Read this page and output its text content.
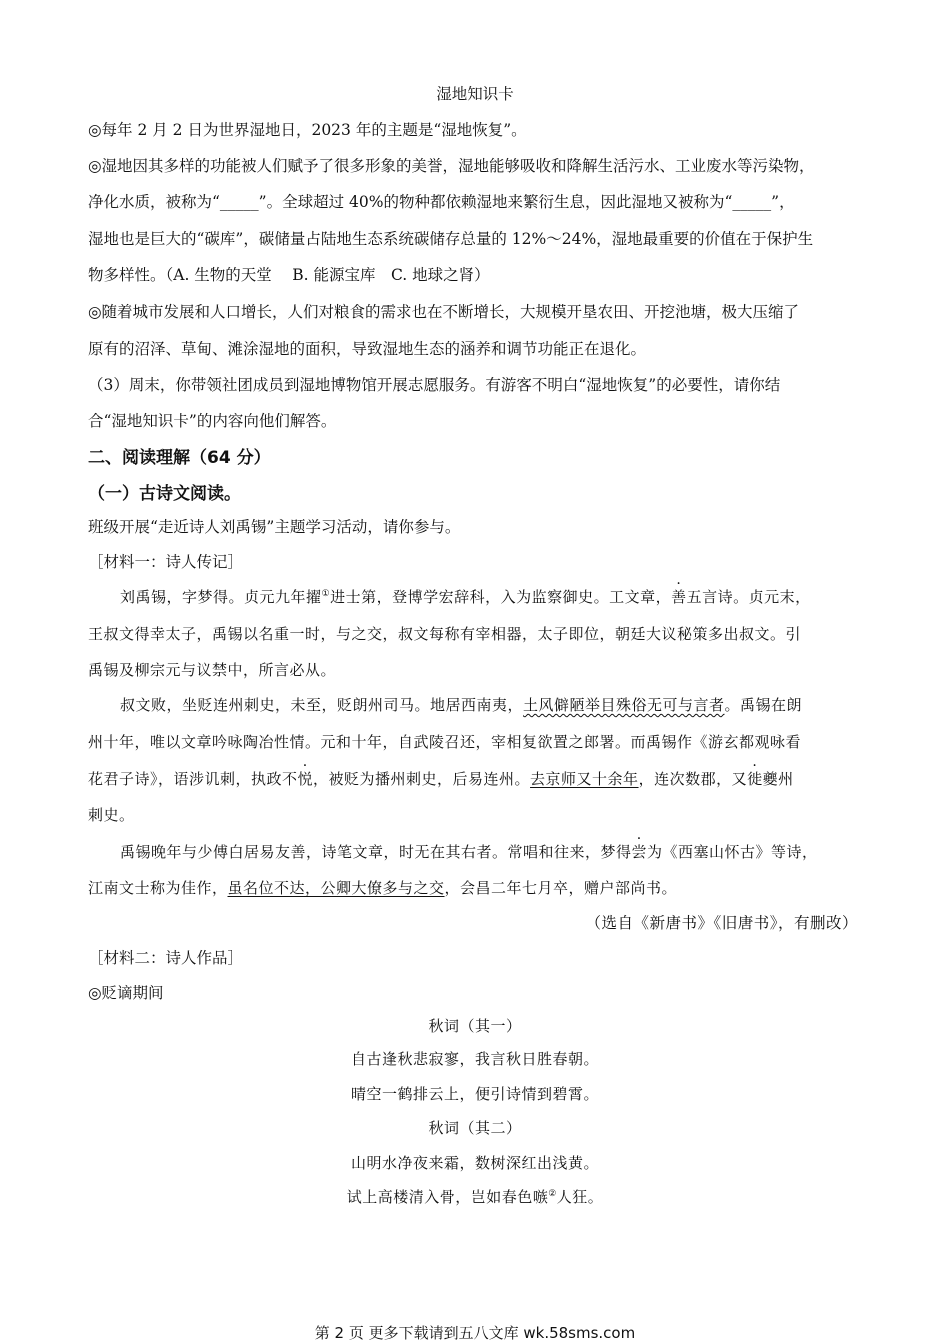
湿地知识卡
◎每年 2 月 2 日为世界湿地日，2023 年的主题是“湿地恢复”。
◎湿地因其多样的功能被人们赋予了很多形象的美誉，湿地能够吸收和降解生活污水、工业废水等污染物，
净化水质，被称为“_____”。全球超过 40%的物种都依赖湿地来繁衍生息，因此湿地又被称为“_____”，
湿地也是巨大的“碳库”，碳储量占陆地生态系统碳储存总量的 12%～24%，湿地最重要的价值在于保护生
物多样性。（A. 生物的天堂　 B. 能源宝库　C. 地球之肾）
◎随着城市发展和人口增长，人们对粮食的需求也在不断增长，大规模开垦农田、开挖池塘，极大压缩了
原有的沼泽、草甸、滩涂湿地的面积，导致湿地生态的涵养和调节功能正在退化。
（3）周末，你带领社团成员到湿地博物馆开展志愿服务。有游客不明白“湿地恢复”的必要性，请你结
合“湿地知识卡”的内容向他们解答。
二、阅读理解（64 分）
（一）古诗文阅读。
班级开展“走近诗人刘禹锡”主题学习活动，请你参与。
［材料一：诗人传记］
刘禹锡，字梦得。贞元九年擢①进士第，登博学宏辞科，入为监察御史。工文章，善五言诗。贞元末，
王叔文得幸太子，禹锡以名重一时，与之交，叔文每称有宰相器，太子即位，朝廷大议秘策多出叔文。引
禹锡及柳宗元与议禁中，所言必从。
叔文败，坐贬连州刺史，未至，贬朗州司马。地居西南夷，土风僻陋举目殊俗无可与言者。禹锡在朗
州十年，唯以文章吟咏陶冶性情。元和十年，自武陵召还，宰相复欲置之郎署。而禹锡作《游玄都观咏看
花君子诗》，语涉讥刺，执政不悦，被贬为播州刺史，后易连州。去京师又十余年，连次数郡，又徙夔州
刺史。
禹锡晚年与少傅白居易友善，诗笔文章，时无在其右者。常唱和往来，梦得尝为《西塞山怀古》等诗，
江南文士称为佳作，虽名位不达，公卿大僚多与之交，会昌二年七月卒，赠户部尚书。
（选自《新唐书》《旧唐书》，有删改）
［材料二：诗人作品］
◎贬谪期间
秋词（其一）
自古逢秋悲寂寥，我言秋日胜春朝。
晴空一鹤排云上，便引诗情到碧霄。
秋词（其二）
山明水净夜来霜，数树深红出浅黄。
试上高楼清入骨，岂如春色嗾②人狂。
第 2 页 更多下载请到五八文库 wk.58sms.com
